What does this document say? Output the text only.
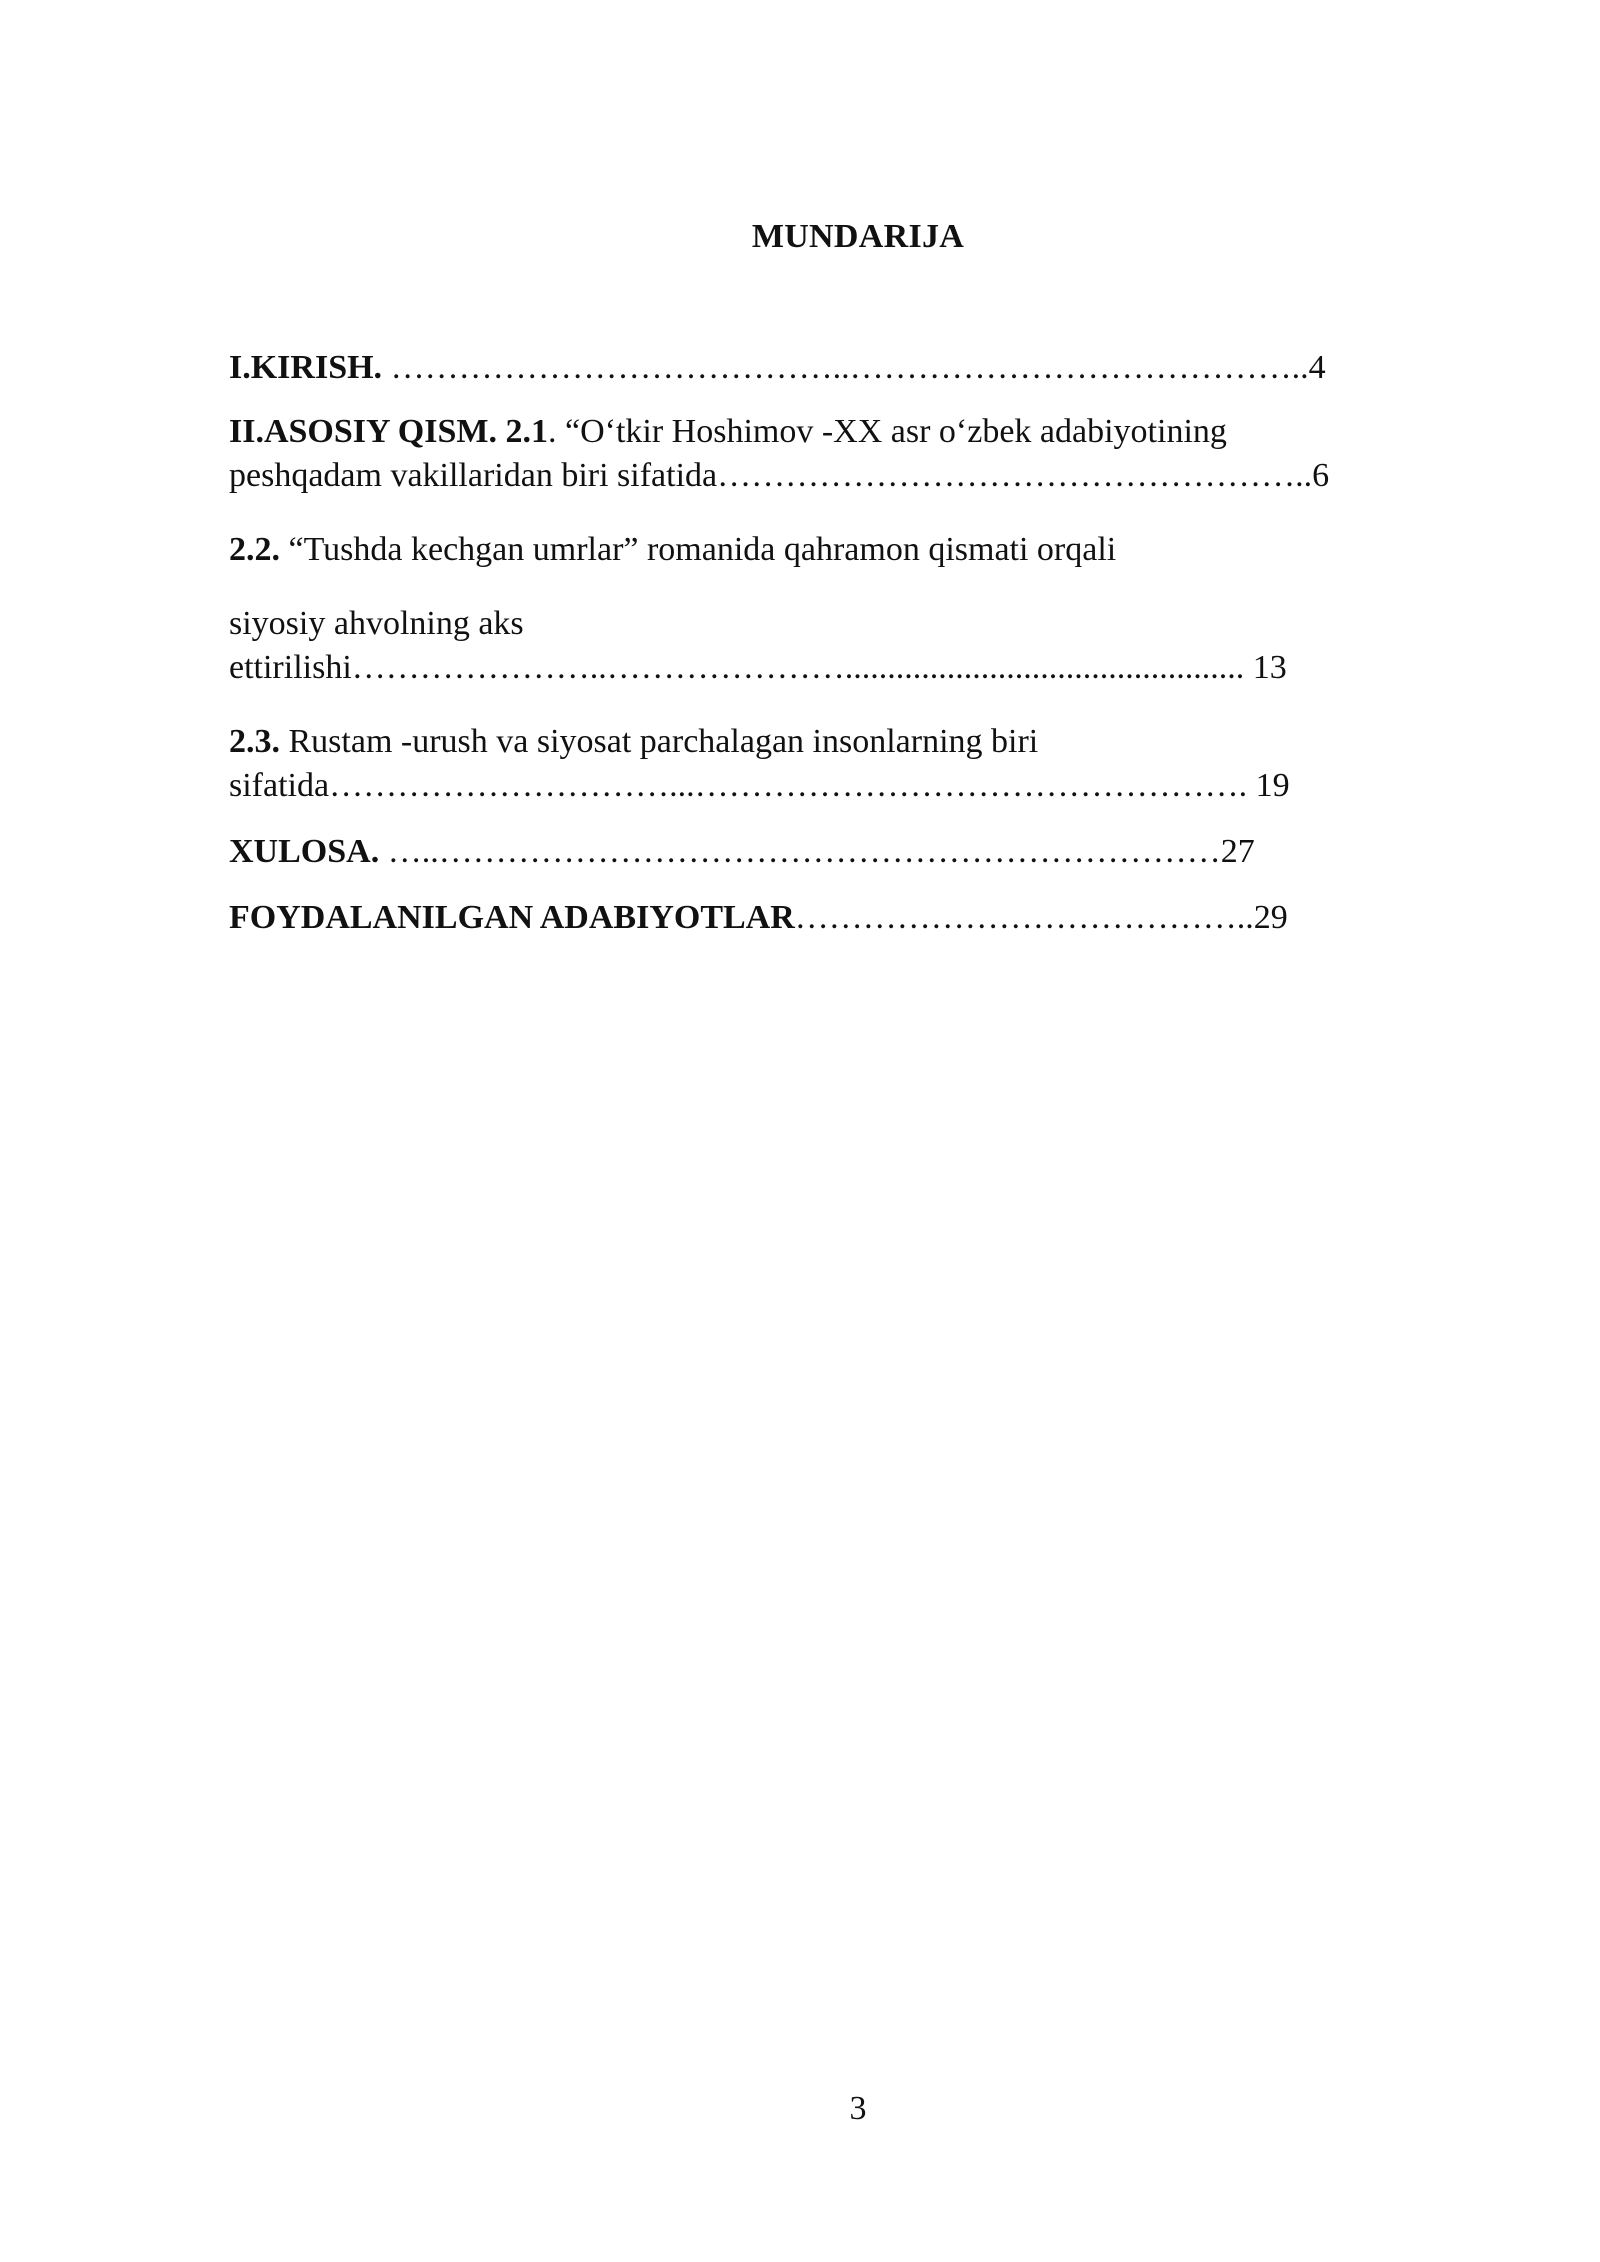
MUNDARIJA
I.KIRISH. …………………………………..…………………………………..4
II.ASOSIY QISM. 2.1. “O‘tkir Hoshimov -XX asr o‘zbek adabiyotining
peshqadam vakillaridan biri sifatida……………………………………………..6
2.2. “Tushda kechgan umrlar” romanida qahramon qismati orqali
siyosiy ahvolning aks
ettirilishi…………………..…………………............................................... 13
2.3. Rustam -urush va siyosat parchalagan insonlarning biri
sifatida…………………………...…………………………………………. 19
XULOSA. …..……………………………………………………………27
FOYDALANILGAN ADABIYOTLAR…………………………………..29
3
